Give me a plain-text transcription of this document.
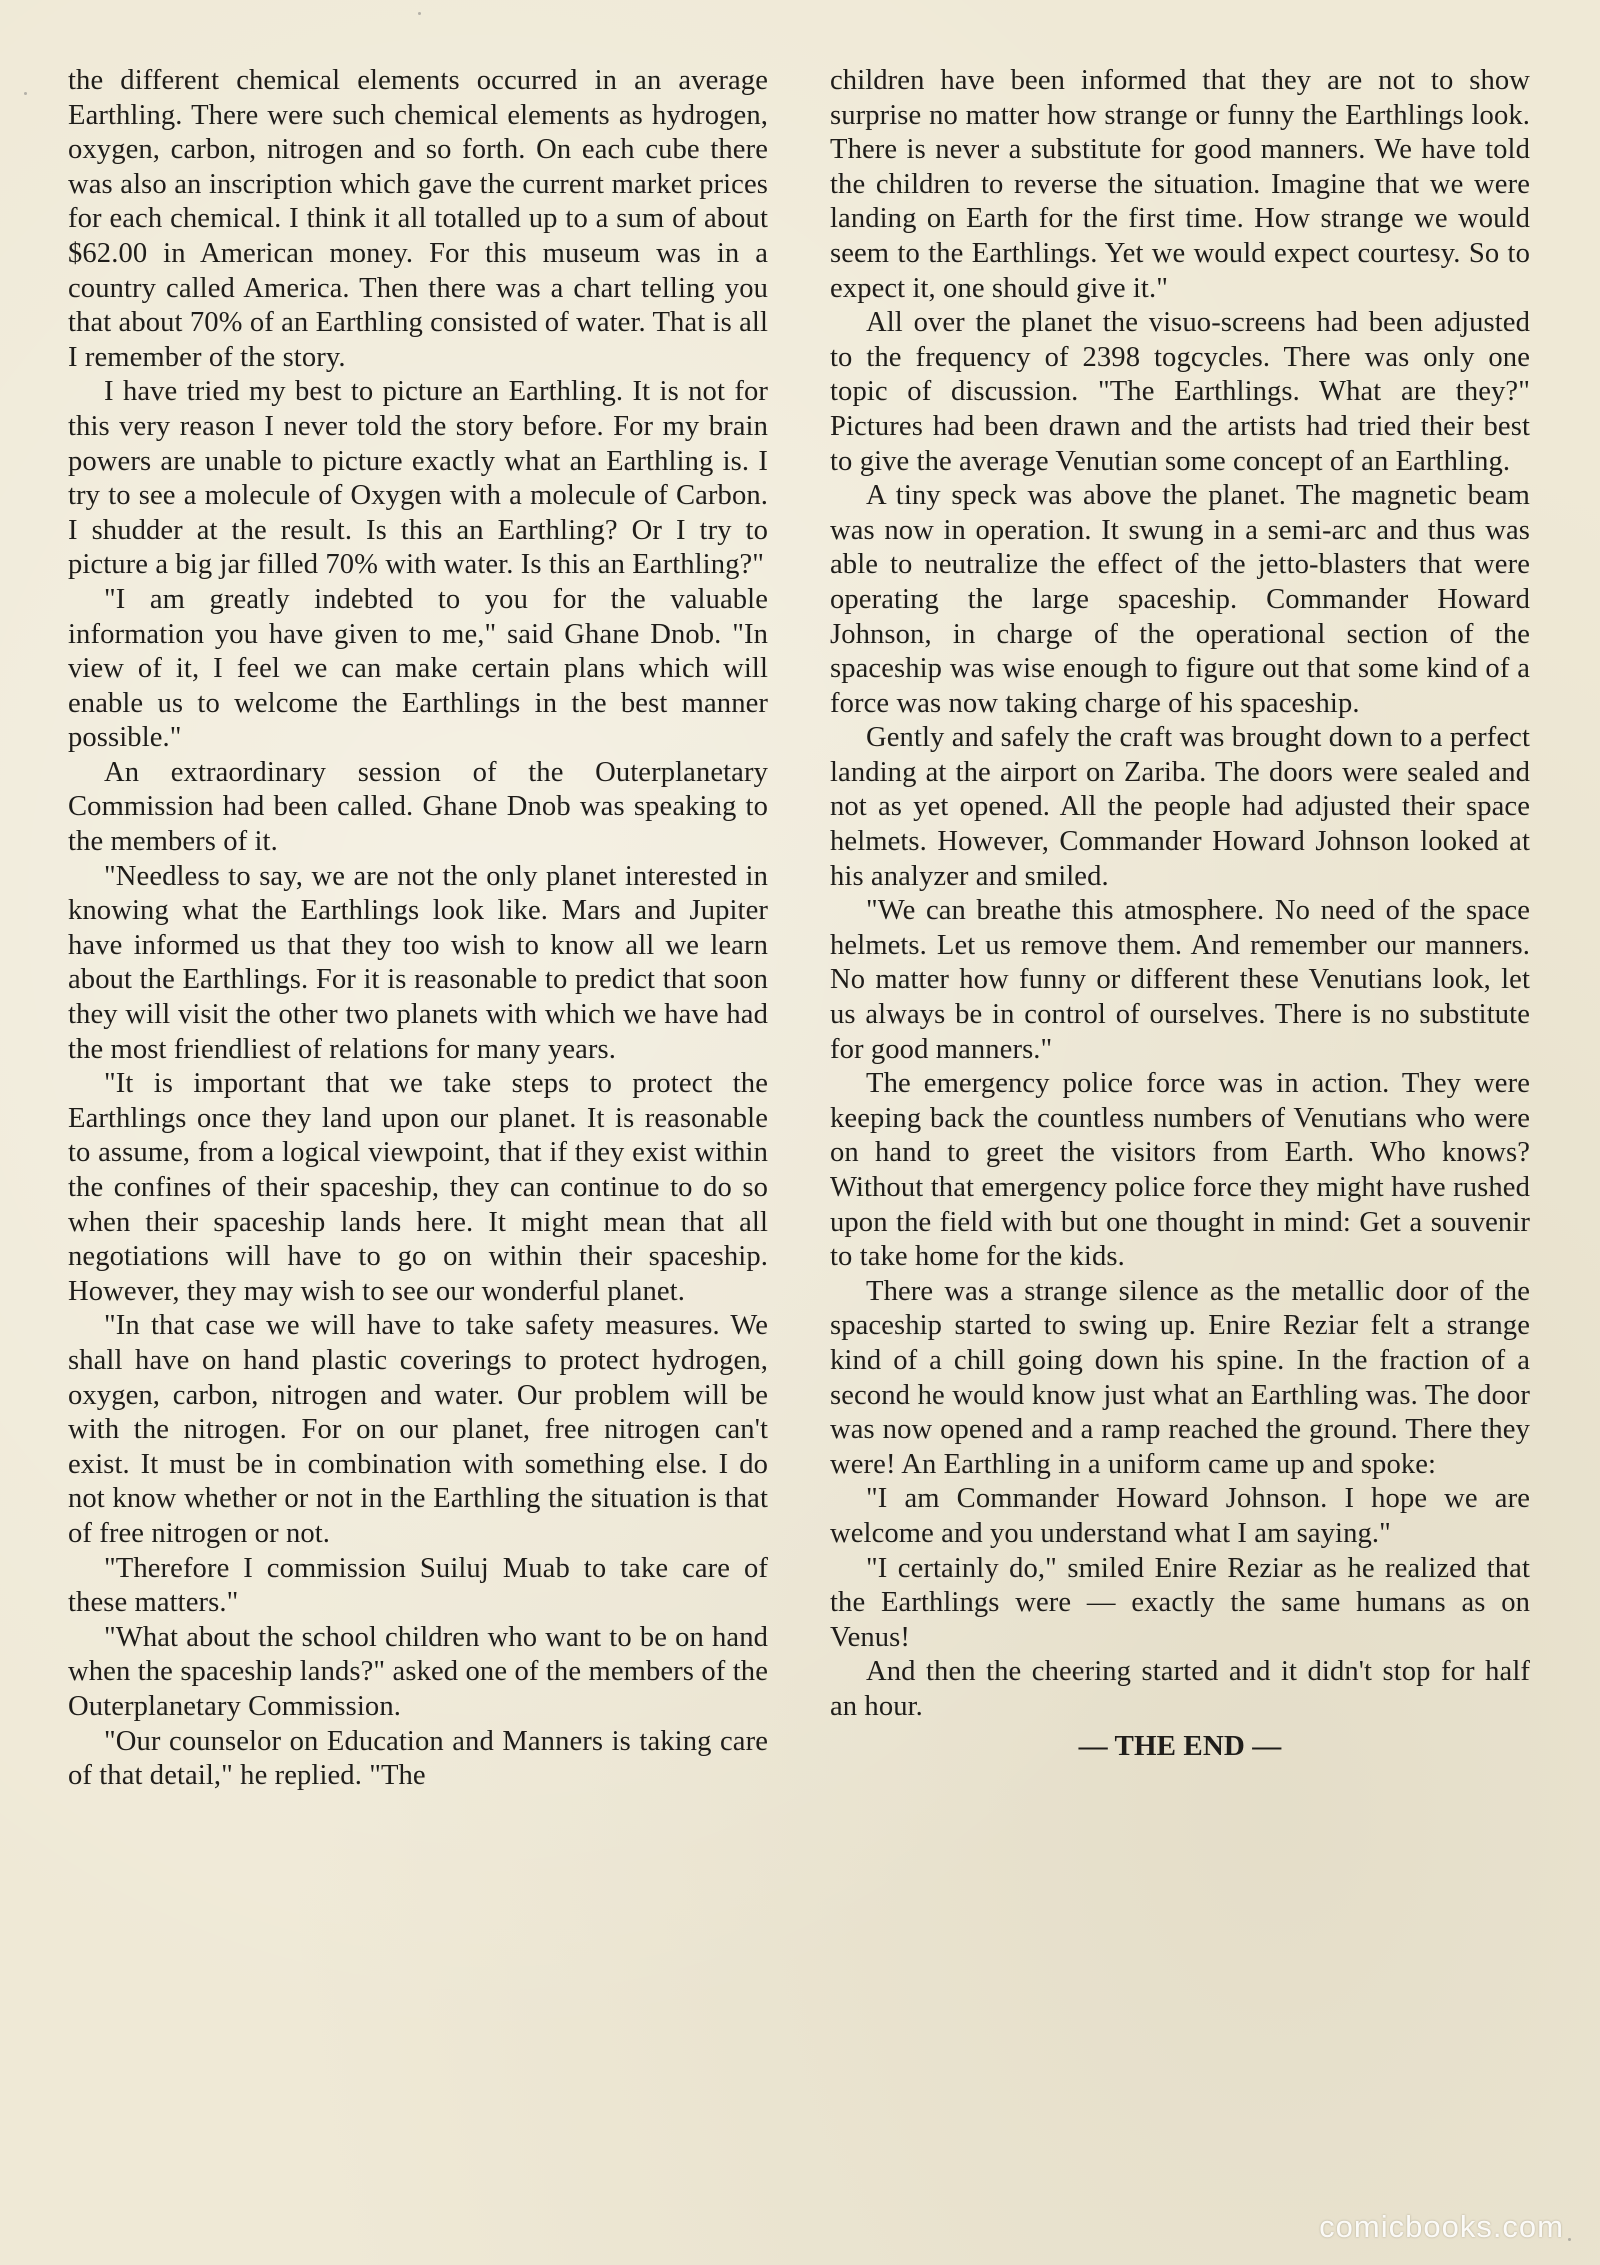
the different chemical elements occurred in an average Earthling. There were such chemical elements as hydrogen, oxygen, carbon, nitrogen and so forth. On each cube there was also an inscription which gave the current market prices for each chemical. I think it all totalled up to a sum of about $62.00 in American money. For this museum was in a country called America. Then there was a chart telling you that about 70% of an Earthling consisted of water. That is all I remember of the story.

I have tried my best to picture an Earthling. It is not for this very reason I never told the story before. For my brain powers are unable to picture exactly what an Earthling is. I try to see a molecule of Oxygen with a molecule of Carbon. I shudder at the result. Is this an Earthling? Or I try to picture a big jar filled 70% with water. Is this an Earthling?"

"I am greatly indebted to you for the valuable information you have given to me," said Ghane Dnob. "In view of it, I feel we can make certain plans which will enable us to welcome the Earthlings in the best manner possible."

An extraordinary session of the Outerplanetary Commission had been called. Ghane Dnob was speaking to the members of it.

"Needless to say, we are not the only planet interested in knowing what the Earthlings look like. Mars and Jupiter have informed us that they too wish to know all we learn about the Earthlings. For it is reasonable to predict that soon they will visit the other two planets with which we have had the most friendliest of relations for many years.

"It is important that we take steps to protect the Earthlings once they land upon our planet. It is reasonable to assume, from a logical viewpoint, that if they exist within the confines of their spaceship, they can continue to do so when their spaceship lands here. It might mean that all negotiations will have to go on within their spaceship. However, they may wish to see our wonderful planet.

"In that case we will have to take safety measures. We shall have on hand plastic coverings to protect hydrogen, oxygen, carbon, nitrogen and water. Our problem will be with the nitrogen. For on our planet, free nitrogen can't exist. It must be in combination with something else. I do not know whether or not in the Earthling the situation is that of free nitrogen or not.

"Therefore I commission Suiluj Muab to take care of these matters."

"What about the school children who want to be on hand when the spaceship lands?" asked one of the members of the Outerplanetary Commission.

"Our counselor on Education and Manners is taking care of that detail," he replied. "The

children have been informed that they are not to show surprise no matter how strange or funny the Earthlings look. There is never a substitute for good manners. We have told the children to reverse the situation. Imagine that we were landing on Earth for the first time. How strange we would seem to the Earthlings. Yet we would expect courtesy. So to expect it, one should give it."

All over the planet the visuo-screens had been adjusted to the frequency of 2398 togcycles. There was only one topic of discussion. "The Earthlings. What are they?" Pictures had been drawn and the artists had tried their best to give the average Venutian some concept of an Earthling.

A tiny speck was above the planet. The magnetic beam was now in operation. It swung in a semi-arc and thus was able to neutralize the effect of the jetto-blasters that were operating the large spaceship. Commander Howard Johnson, in charge of the operational section of the spaceship was wise enough to figure out that some kind of a force was now taking charge of his spaceship.

Gently and safely the craft was brought down to a perfect landing at the airport on Zariba. The doors were sealed and not as yet opened. All the people had adjusted their space helmets. However, Commander Howard Johnson looked at his analyzer and smiled.

"We can breathe this atmosphere. No need of the space helmets. Let us remove them. And remember our manners. No matter how funny or different these Venutians look, let us always be in control of ourselves. There is no substitute for good manners."

The emergency police force was in action. They were keeping back the countless numbers of Venutians who were on hand to greet the visitors from Earth. Who knows? Without that emergency police force they might have rushed upon the field with but one thought in mind: Get a souvenir to take home for the kids.

There was a strange silence as the metallic door of the spaceship started to swing up. Enire Reziar felt a strange kind of a chill going down his spine. In the fraction of a second he would know just what an Earthling was. The door was now opened and a ramp reached the ground. There they were! An Earthling in a uniform came up and spoke:

"I am Commander Howard Johnson. I hope we are welcome and you understand what I am saying."

"I certainly do," smiled Enire Reziar as he realized that the Earthlings were — exactly the same humans as on Venus!

And then the cheering started and it didn't stop for half an hour.

— THE END —
comicbooks.com
